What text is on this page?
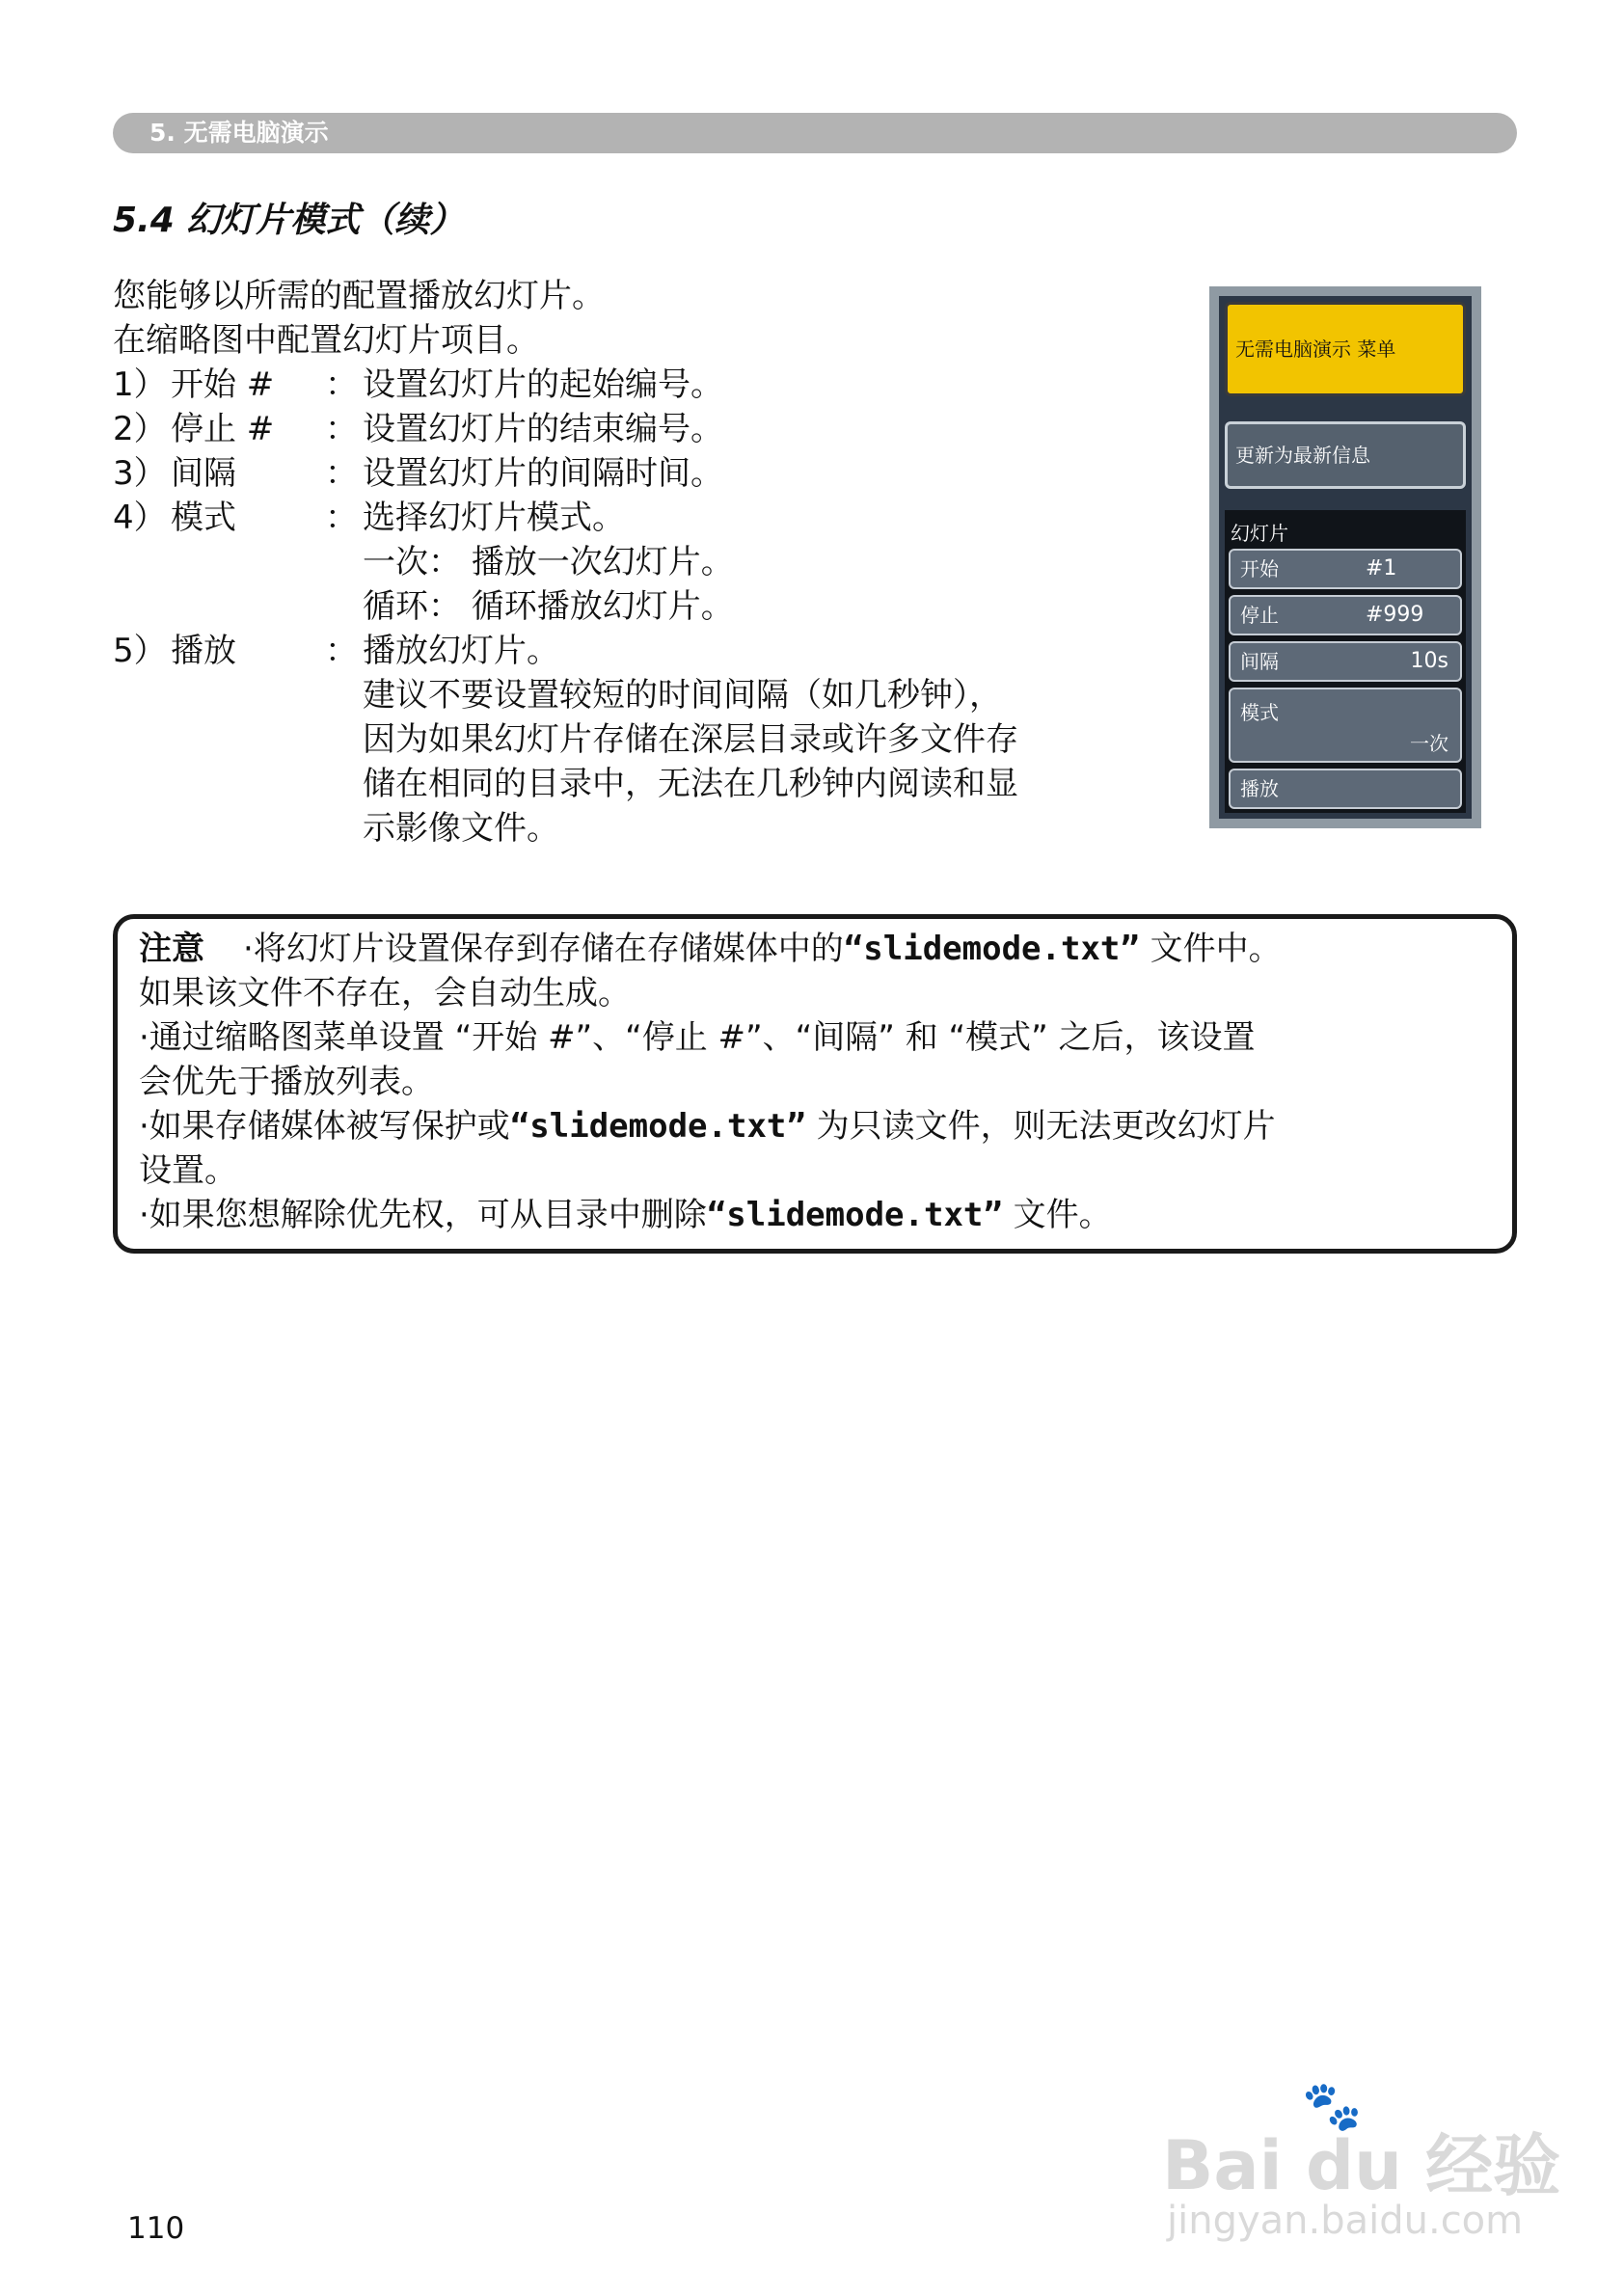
5. 无需电脑演示
5.4 幻灯片模式（续）
您能够以所需的配置播放幻灯片。
在缩略图中配置幻灯片项目。
1） 开始 #	： 设置幻灯片的起始编号。
2） 停止 #	： 设置幻灯片的结束编号。
3） 间隔	： 设置幻灯片的间隔时间。
4） 模式	： 选择幻灯片模式。
一次： 播放一次幻灯片。
循环： 循环播放幻灯片。
5） 播放	： 播放幻灯片。
建议不要设置较短的时间间隔（如几秒钟），
因为如果幻灯片存储在深层目录或许多文件存
储在相同的目录中，无法在几秒钟内阅读和显
示影像文件。
无需电脑演示 菜单
更新为最新信息
幻灯片
开始	#1
停止	#999
间隔	10s
模式
一次
播放
注意 ·将幻灯片设置保存到存储在存储媒体中的“slidemode.txt” 文件中。
如果该文件不存在，会自动生成。
·通过缩略图菜单设置 “开始 #”、“停止 #”、“间隔” 和 “模式” 之后，该设置
会优先于播放列表。
·如果存储媒体被写保护或“slidemode.txt” 为只读文件，则无法更改幻灯片
设置。
·如果您想解除优先权，可从目录中删除“slidemode.txt” 文件。
110
🐾
Bai du 经验
jingyan.baidu.com
